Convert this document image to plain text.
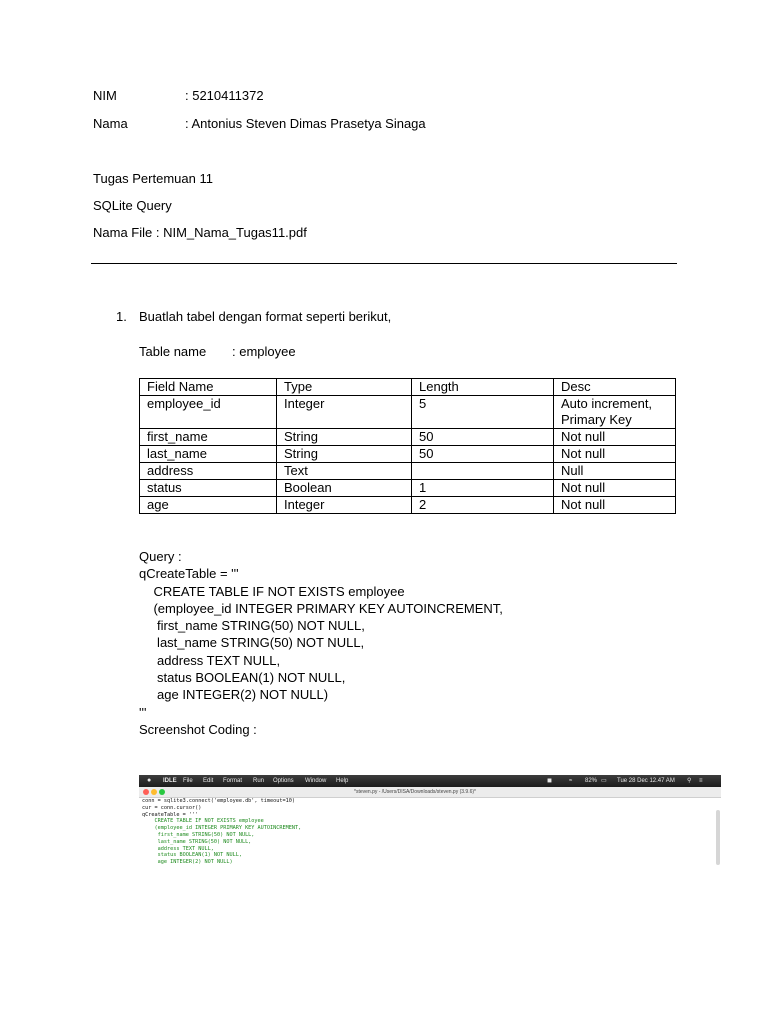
NIM	: 5210411372
Nama	: Antonius Steven Dimas Prasetya Sinaga
Tugas Pertemuan 11
SQLite Query
Nama File : NIM_Nama_Tugas11.pdf
1. Buatlah tabel dengan format seperti berikut,
Table name : employee
Field Name	Type	Length	Desc
employee_id	Integer	5	Auto increment,
Primary Key

first_name	String	50	Not null
last_name	String	50	Not null
address	Text		Null
status	Boolean	1	Not null
age	Integer	2	Not null
Query :
qCreateTable = '''
CREATE TABLE IF NOT EXISTS employee
(employee_id INTEGER PRIMARY KEY AUTOINCREMENT,
first_name STRING(50) NOT NULL,
last_name STRING(50) NOT NULL,
address TEXT NULL,
status BOOLEAN(1) NOT NULL,
age INTEGER(2) NOT NULL)
'''
Screenshot Coding :
● IDLE File Edit Format Run Options Window Help	◼	≈ 82% ▭ Tue 28 Dec 12.47 AM ⚲ ≡
*steven.py - /Users/DISA/Downloads/steven.py (3.9.6)*
conn = sqlite3.connect('employee.db', timeout=10)
cur = conn.cursor()
qCreateTable = '''
CREATE TABLE IF NOT EXISTS employee
(employee_id INTEGER PRIMARY KEY AUTOINCREMENT,
first_name STRING(50) NOT NULL,
last_name STRING(50) NOT NULL,
address TEXT NULL,
status BOOLEAN(1) NOT NULL,
age INTEGER(2) NOT NULL)
